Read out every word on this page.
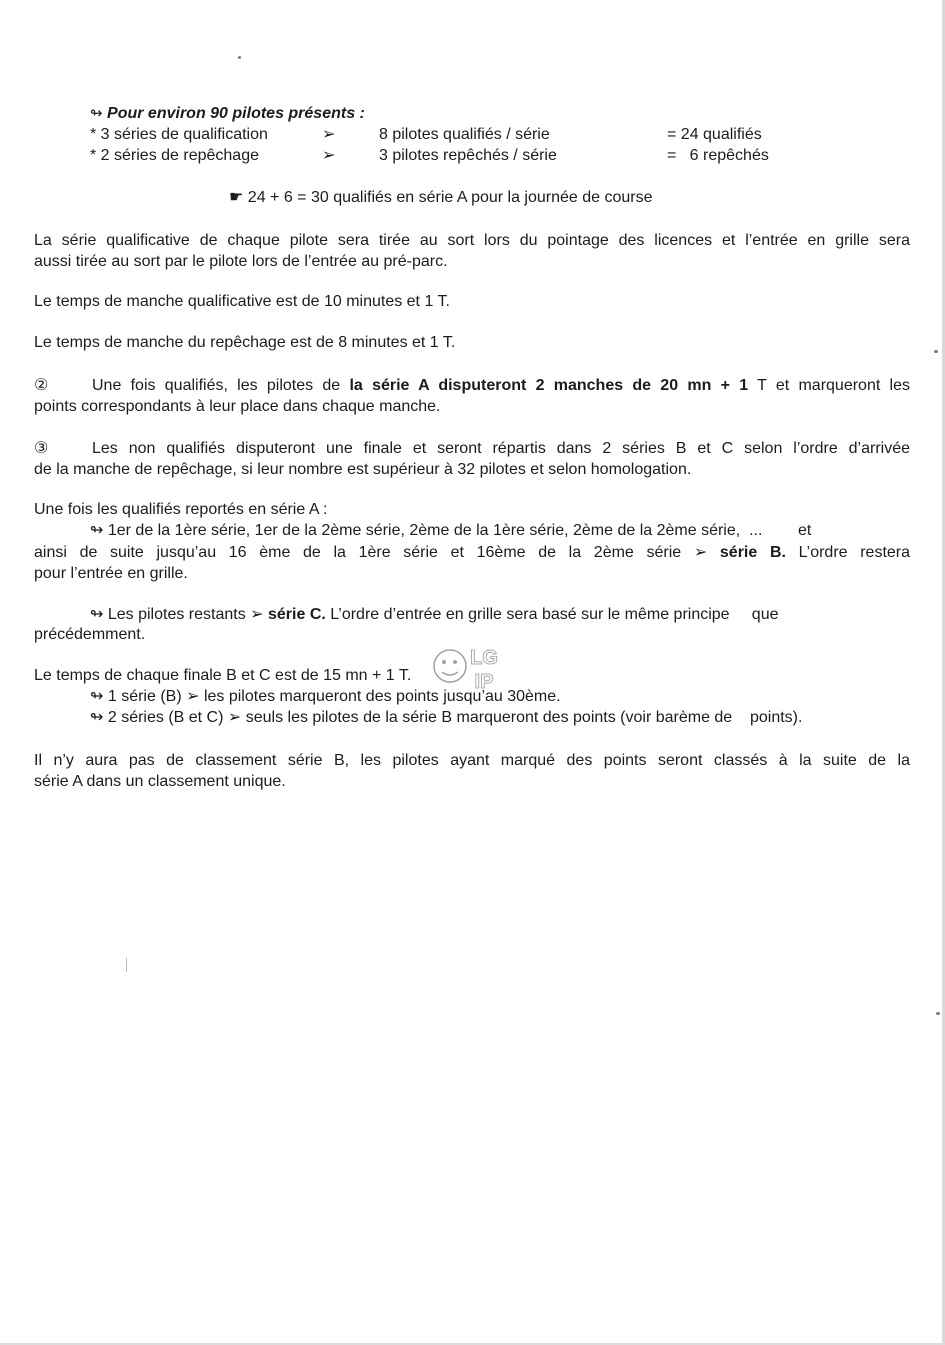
↬ Pour environ 90 pilotes présents :
* 3 séries de qualification	➢	8 pilotes qualifiés / série	= 24 qualifiés
* 2 séries de repêchage	➢	3 pilotes repêchés / série	=   6 repêchés
☛ 24 + 6 = 30 qualifiés en série A pour la journée de course
La série qualificative de chaque pilote sera tirée au sort lors du pointage des licences et l’entrée en grille sera
aussi tirée au sort par le pilote lors de l’entrée au pré-parc.
Le temps de manche qualificative est de 10 minutes et 1 T.
Le temps de manche du repêchage est de 8 minutes et 1 T.
②	Une fois qualifiés, les pilotes de la série A disputeront 2 manches de 20 mn + 1 T et marqueront les
points correspondants à leur place dans chaque manche.
③	Les non qualifiés disputeront une finale et seront répartis dans 2 séries B et C selon l’ordre d’arrivée
de la manche de repêchage, si leur nombre est supérieur à 32 pilotes et selon homologation.
Une fois les qualifiés reportés en série A :
↬ 1er de la 1ère série, 1er de la 2ème série, 2ème de la 1ère série, 2ème de la 2ème série,  ...        et
ainsi de suite jusqu’au 16 ème de la 1ère série et 16ème de la 2ème série ➢ série B. L’ordre restera
pour l’entrée en grille.
↬ Les pilotes restants ➢ série C. L’ordre d’entrée en grille sera basé sur le même principe     que
précédemment.
Le temps de chaque finale B et C est de 15 mn + 1 T.
↬ 1 série (B) ➢ les pilotes marqueront des points jusqu’au 30ème.
↬ 2 séries (B et C) ➢ seuls les pilotes de la série B marqueront des points (voir barème de    points).
Il n’y aura pas de classement série B, les pilotes ayant marqué des points seront classés à la suite de la
série A dans un classement unique.
LG
IP
